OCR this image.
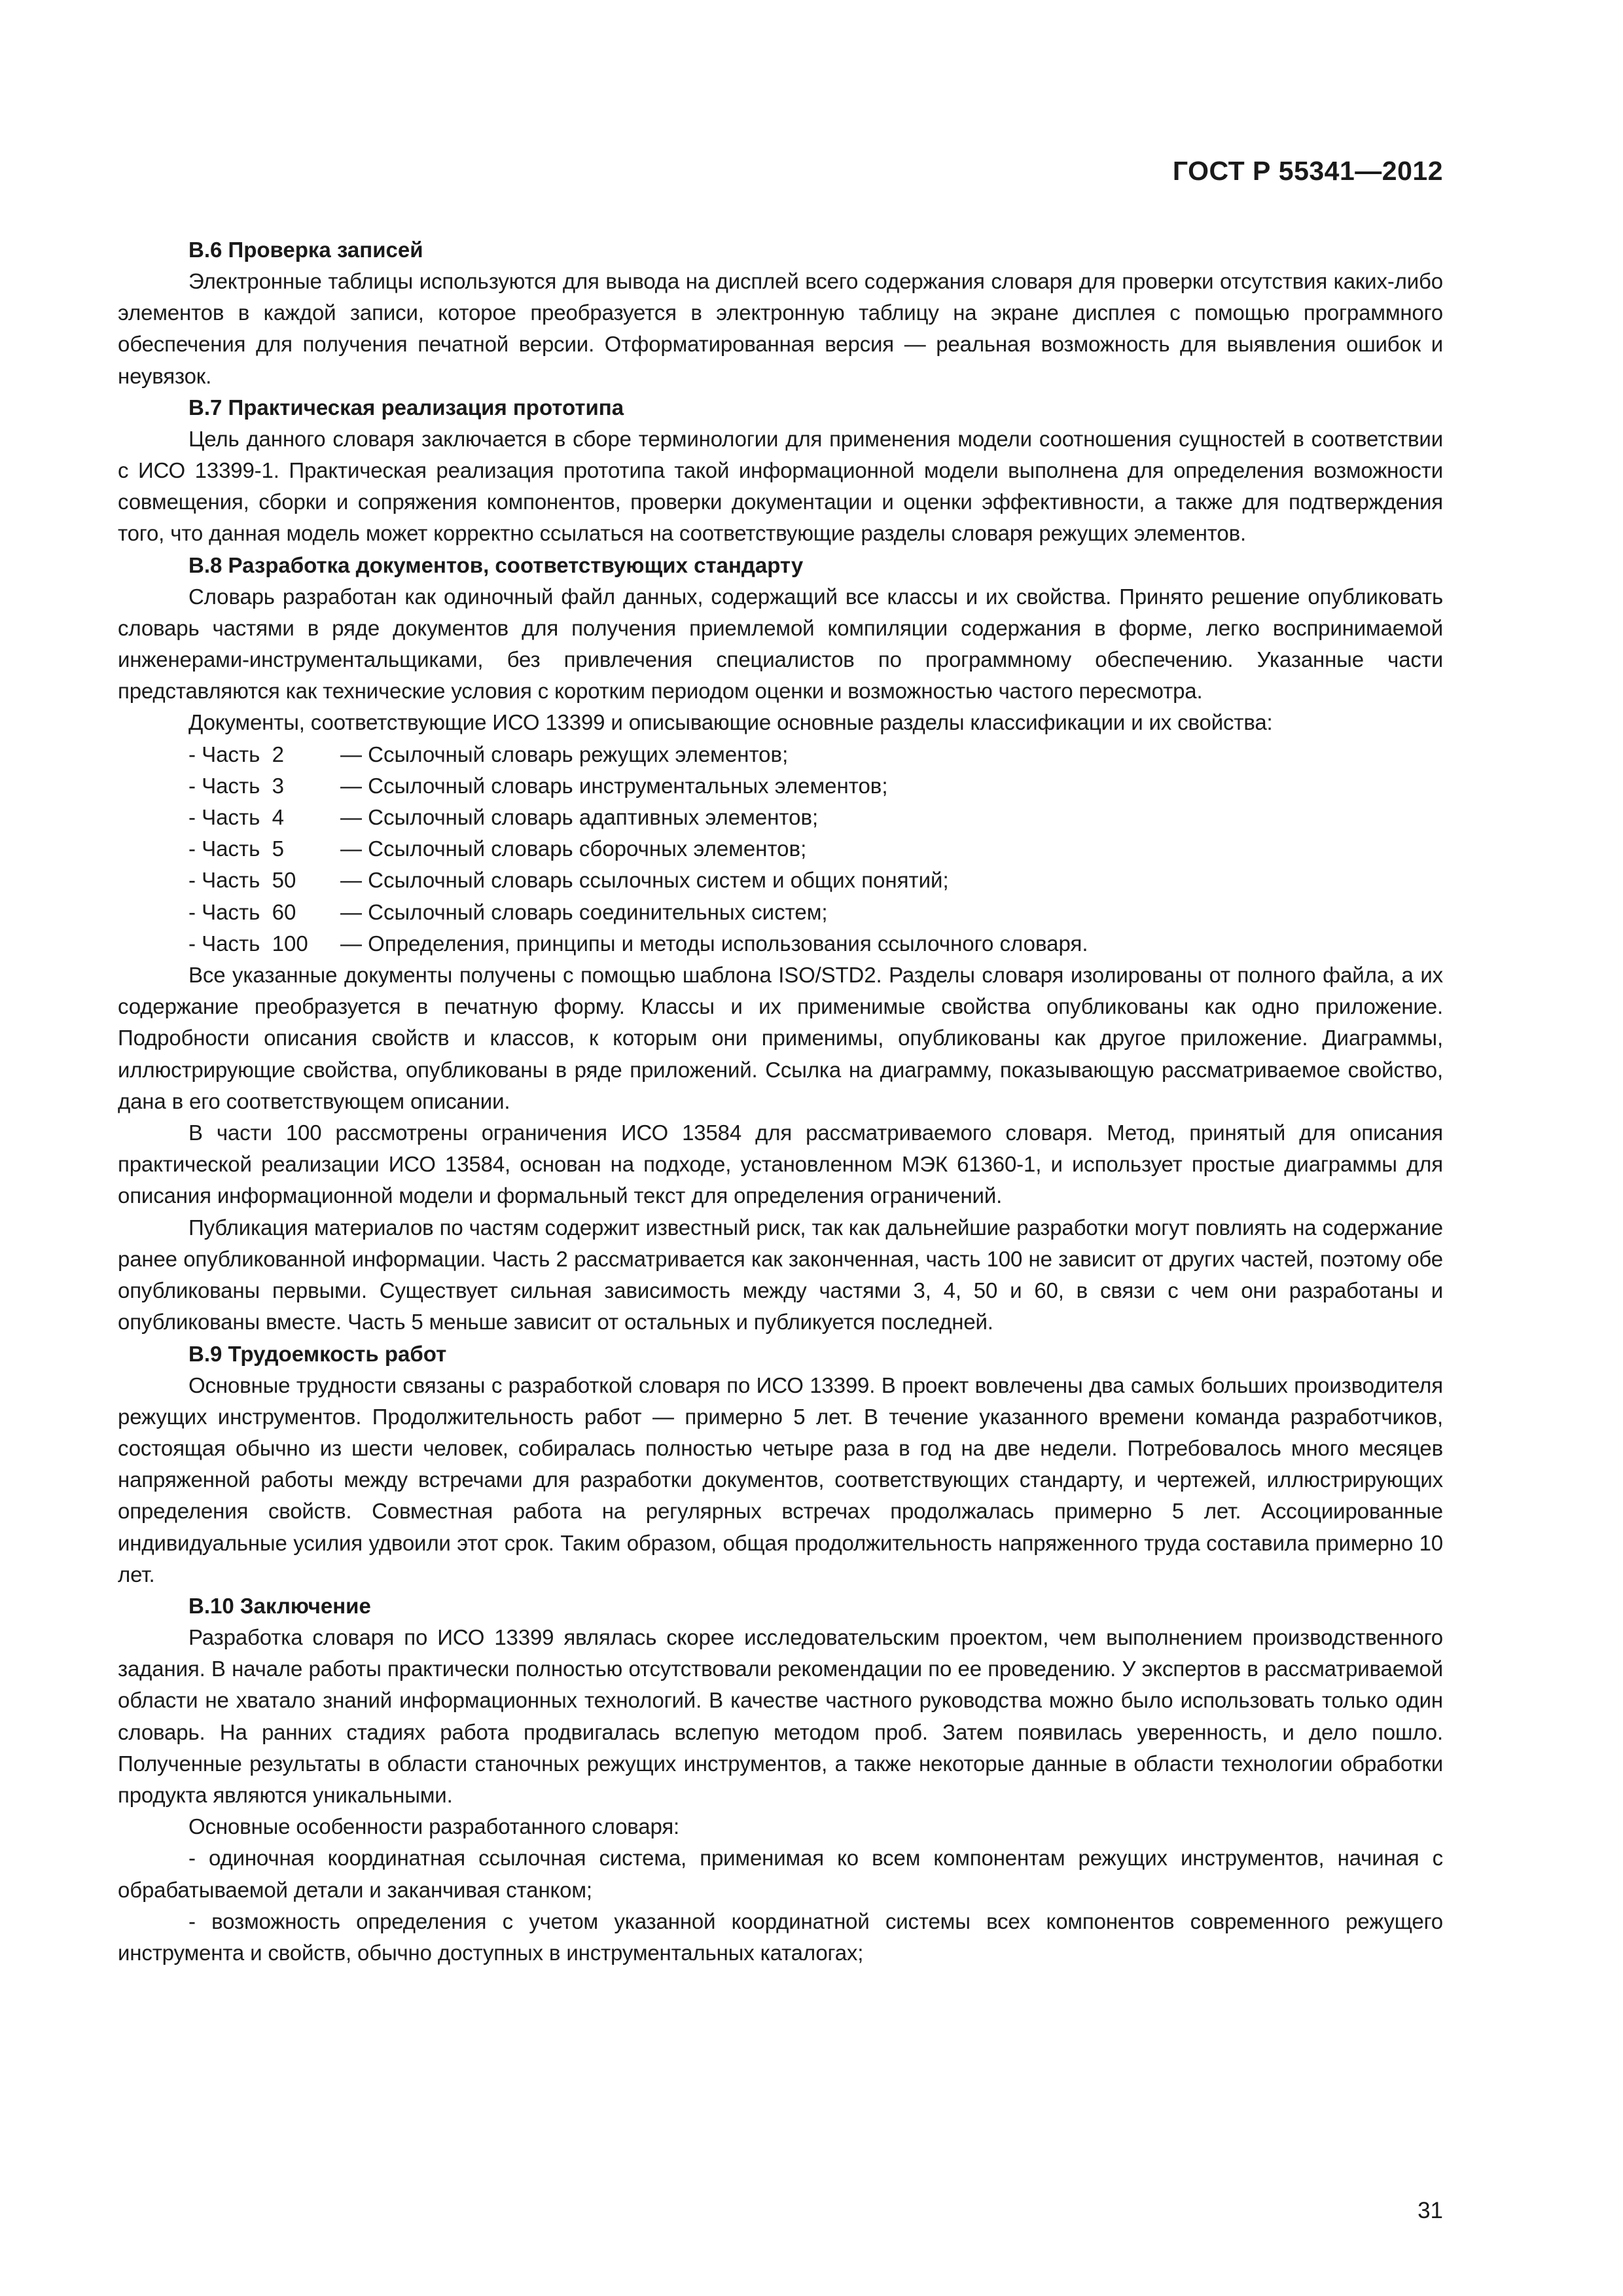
ГОСТ Р 55341—2012

В.6 Проверка записей

Электронные таблицы используются для вывода на дисплей всего содержания словаря для проверки отсутствия каких-либо элементов в каждой записи, которое преобразуется в электронную таблицу на экране дисплея с помощью программного обеспечения для получения печатной версии. Отформатированная версия — реальная возможность для выявления ошибок и неувязок.

В.7 Практическая реализация прототипа

Цель данного словаря заключается в сборе терминологии для применения модели соотношения сущностей в соответствии с ИСО 13399-1. Практическая реализация прототипа такой информационной модели выполнена для определения возможности совмещения, сборки и сопряжения компонентов, проверки документации и оценки эффективности, а также для подтверждения того, что данная модель может корректно ссылаться на соответствующие разделы словаря режущих элементов.

В.8 Разработка документов, соответствующих стандарту

Словарь разработан как одиночный файл данных, содержащий все классы и их свойства. Принято решение опубликовать словарь частями в ряде документов для получения приемлемой компиляции содержания в форме, легко воспринимаемой инженерами-инструментальщиками, без привлечения специалистов по программному обеспечению. Указанные части представляются как технические условия с коротким периодом оценки и возможностью частого пересмотра.

Документы, соответствующие ИСО 13399 и описывающие основные разделы классификации и их свойства:

- Часть  2	— Ссылочный словарь режущих элементов;
- Часть  3	— Ссылочный словарь инструментальных элементов;
- Часть  4	— Ссылочный словарь адаптивных элементов;
- Часть  5	— Ссылочный словарь сборочных элементов;
- Часть  50	— Ссылочный словарь ссылочных систем и общих понятий;
- Часть  60	— Ссылочный словарь соединительных систем;
- Часть  100	— Определения, принципы и методы использования ссылочного словаря.

Все указанные документы получены с помощью шаблона ISO/STD2. Разделы словаря изолированы от полного файла, а их содержание преобразуется в печатную форму. Классы и их применимые свойства опубликованы как одно приложение. Подробности описания свойств и классов, к которым они применимы, опубликованы как другое приложение. Диаграммы, иллюстрирующие свойства, опубликованы в ряде приложений. Ссылка на диаграмму, показывающую рассматриваемое свойство, дана в его соответствующем описании.

В части 100 рассмотрены ограничения ИСО 13584 для рассматриваемого словаря. Метод, принятый для описания практической реализации ИСО 13584, основан на подходе, установленном МЭК 61360-1, и использует простые диаграммы для описания информационной модели и формальный текст для определения ограничений.

Публикация материалов по частям содержит известный риск, так как дальнейшие разработки могут повлиять на содержание ранее опубликованной информации. Часть 2 рассматривается как законченная, часть 100 не зависит от других частей, поэтому обе опубликованы первыми. Существует сильная зависимость между частями 3, 4, 50 и 60, в связи с чем они разработаны и опубликованы вместе. Часть 5 меньше зависит от остальных и публикуется последней.

В.9 Трудоемкость работ

Основные трудности связаны с разработкой словаря по ИСО 13399. В проект вовлечены два самых больших производителя режущих инструментов. Продолжительность работ — примерно 5 лет. В течение указанного времени команда разработчиков, состоящая обычно из шести человек, собиралась полностью четыре раза в год на две недели. Потребовалось много месяцев напряженной работы между встречами для разработки документов, соответствующих стандарту, и чертежей, иллюстрирующих определения свойств. Совместная работа на регулярных встречах продолжалась примерно 5 лет. Ассоциированные индивидуальные усилия удвоили этот срок. Таким образом, общая продолжительность напряженного труда составила примерно 10 лет.

В.10 Заключение

Разработка словаря по ИСО 13399 являлась скорее исследовательским проектом, чем выполнением производственного задания. В начале работы практически полностью отсутствовали рекомендации по ее проведению. У экспертов в рассматриваемой области не хватало знаний информационных технологий. В качестве частного руководства можно было использовать только один словарь. На ранних стадиях работа продвигалась вслепую методом проб. Затем появилась уверенность, и дело пошло. Полученные результаты в области станочных режущих инструментов, а также некоторые данные в области технологии обработки продукта являются уникальными.

Основные особенности разработанного словаря:

- одиночная координатная ссылочная система, применимая ко всем компонентам режущих инструментов, начиная с обрабатываемой детали и заканчивая станком;

- возможность определения с учетом указанной координатной системы всех компонентов современного режущего инструмента и свойств, обычно доступных в инструментальных каталогах;

31
